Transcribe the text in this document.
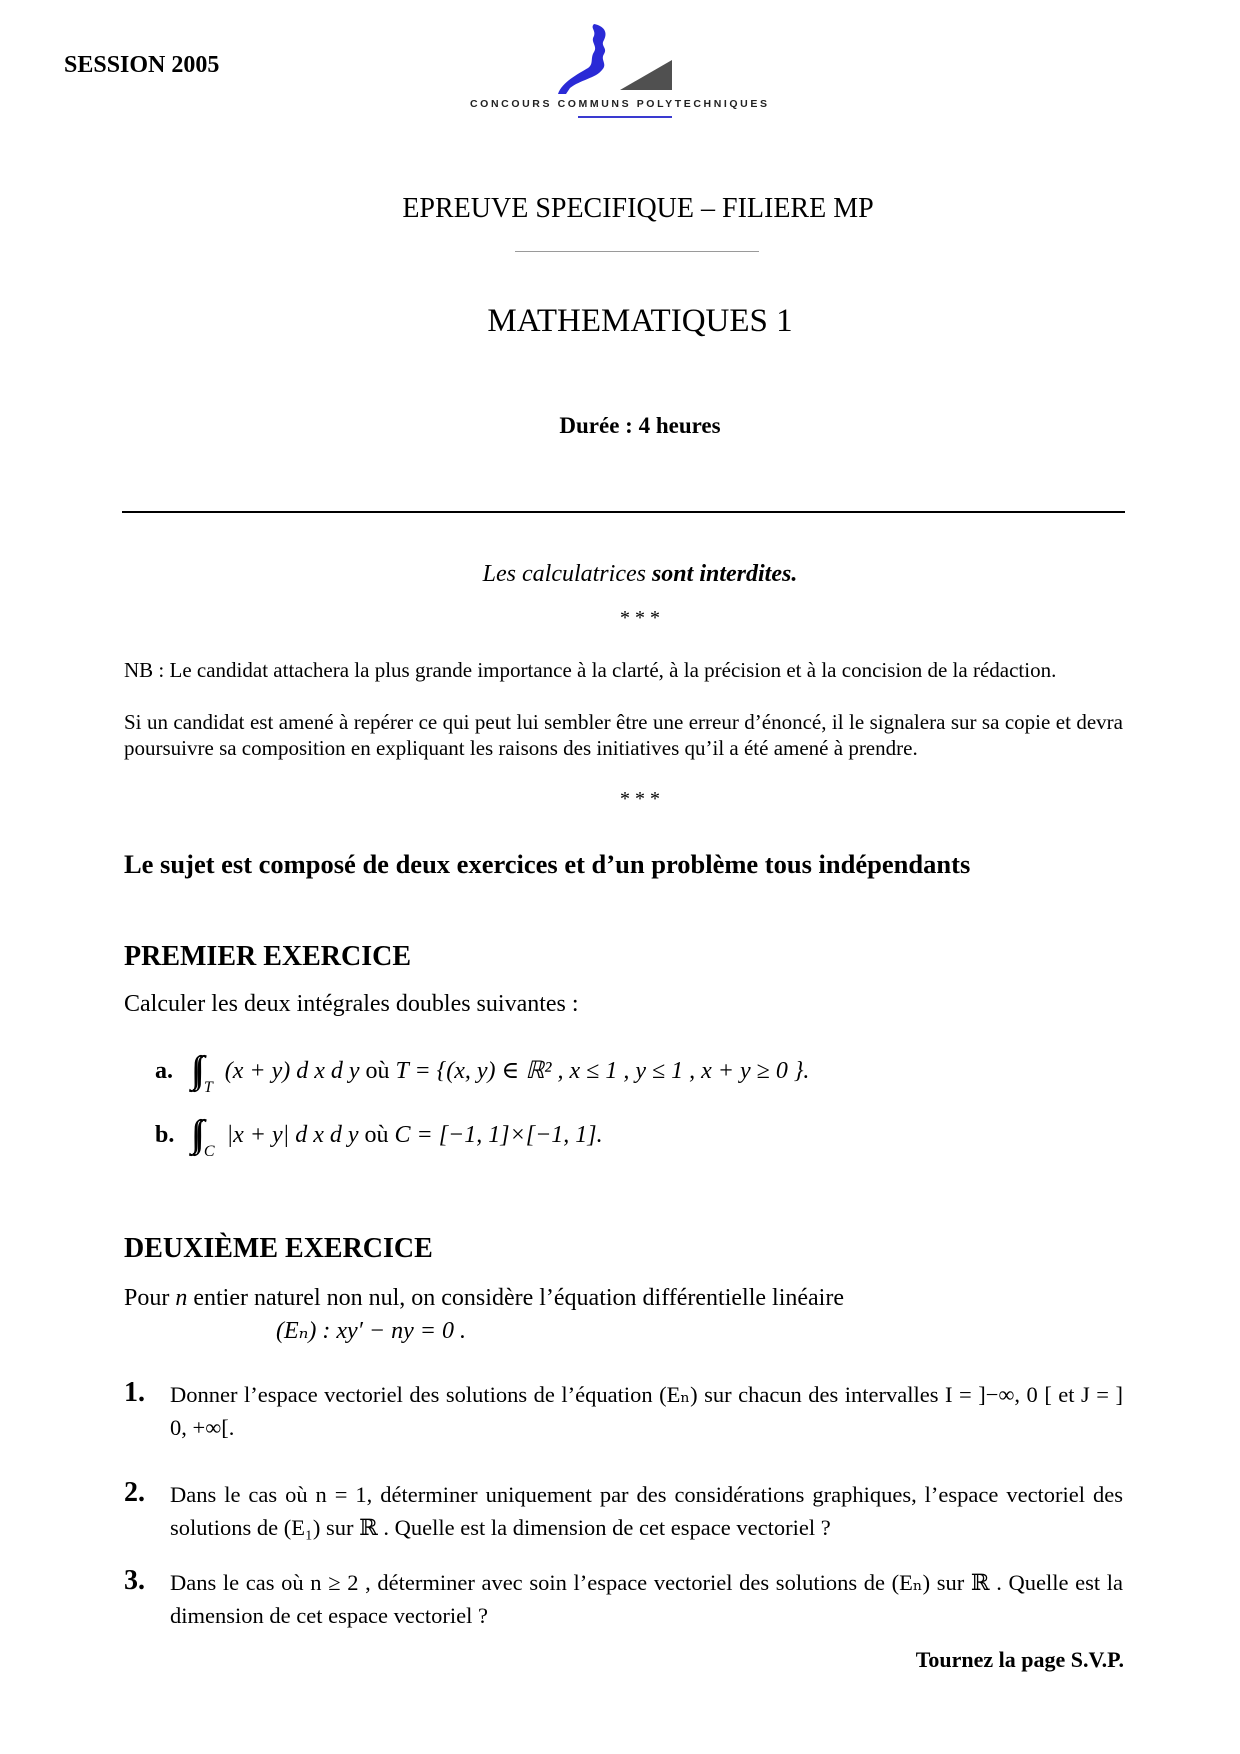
SESSION 2005
CONCOURS COMMUNS POLYTECHNIQUES
EPREUVE SPECIFIQUE – FILIERE MP
MATHEMATIQUES 1
Durée : 4 heures
Les calculatrices sont interdites.
* * *
NB : Le candidat attachera la plus grande importance à la clarté, à la précision et à la concision de la rédaction.
Si un candidat est amené à repérer ce qui peut lui sembler être une erreur d’énoncé, il le signalera sur sa copie et devra poursuivre sa composition en expliquant les raisons des initiatives qu’il a été amené à prendre.
* * *
Le sujet est composé de deux exercices et d’un problème tous indépendants
PREMIER EXERCICE
Calculer les deux intégrales doubles suivantes :
a. ∫∫ $_T$ (x + y) d x d y où T = {(x, y) ∈ ℝ² , x ≤ 1 , y ≤ 1 , x + y ≥ 0 }.
b. ∫∫ $_C$ |x + y| d x d y où C = [−1, 1]×[−1, 1].
DEUXIÈME EXERCICE
Pour n entier naturel non nul, on considère l’équation différentielle linéaire
(Eₙ) : xy′ − ny = 0 .
1. Donner l’espace vectoriel des solutions de l’équation (Eₙ) sur chacun des intervalles I = ]−∞, 0 [ et J = ] 0, +∞[.
2. Dans le cas où n = 1, déterminer uniquement par des considérations graphiques, l’espace vectoriel des solutions de (E₁) sur ℝ . Quelle est la dimension de cet espace vectoriel ?
3. Dans le cas où n ≥ 2 , déterminer avec soin l’espace vectoriel des solutions de (Eₙ) sur ℝ . Quelle est la dimension de cet espace vectoriel ?
Tournez la page S.V.P.
